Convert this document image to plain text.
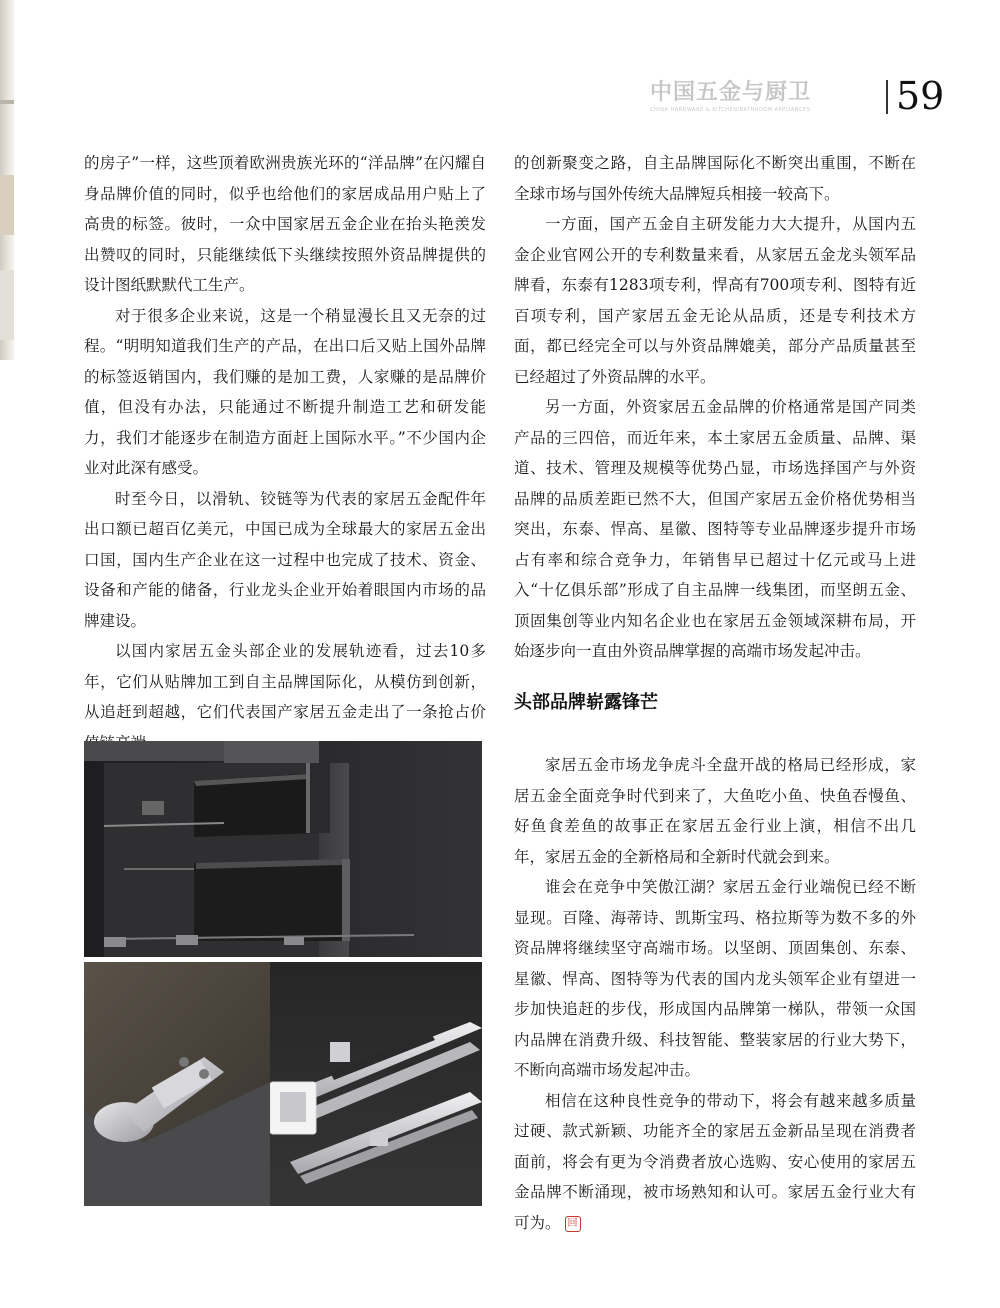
中国五金与厨卫
CHINA HARDWARE & KITCHEN/BATHROOM APPLIANCES	59

的房子”一样，这些顶着欧洲贵族光环的“洋品牌”在闪耀自身品牌价值的同时，似乎也给他们的家居成品用户贴上了高贵的标签。彼时，一众中国家居五金企业在抬头艳羡发出赞叹的同时，只能继续低下头继续按照外资品牌提供的设计图纸默默代工生产。

对于很多企业来说，这是一个稍显漫长且又无奈的过程。“明明知道我们生产的产品，在出口后又贴上国外品牌的标签返销国内，我们赚的是加工费，人家赚的是品牌价值，但没有办法，只能通过不断提升制造工艺和研发能力，我们才能逐步在制造方面赶上国际水平。”不少国内企业对此深有感受。

时至今日，以滑轨、铰链等为代表的家居五金配件年出口额已超百亿美元，中国已成为全球最大的家居五金出口国，国内生产企业在这一过程中也完成了技术、资金、设备和产能的储备，行业龙头企业开始着眼国内市场的品牌建设。

以国内家居五金头部企业的发展轨迹看，过去10多年，它们从贴牌加工到自主品牌国际化，从模仿到创新，从追赶到超越，它们代表国产家居五金走出了一条抢占价

的创新聚变之路，自主品牌国际化不断突出重围，不断在全球市场与国外传统大品牌短兵相接一较高下。

一方面，国产五金自主研发能力大大提升，从国内五金企业官网公开的专利数量来看，从家居五金龙头领军品牌看，东泰有1283项专利，悍高有700项专利、图特有近百项专利，国产家居五金无论从品质，还是专利技术方面，都已经完全可以与外资品牌媲美，部分产品质量甚至已经超过了外资品牌的水平。

另一方面，外资家居五金品牌的价格通常是国产同类产品的三四倍，而近年来，本土家居五金质量、品牌、渠道、技术、管理及规模等优势凸显，市场选择国产与外资品牌的品质差距已然不大，但国产家居五金价格优势相当突出，东泰、悍高、星徽、图特等专业品牌逐步提升市场占有率和综合竞争力，年销售早已超过十亿元或马上进入“十亿俱乐部”形成了自主品牌一线集团，而坚朗五金、顶固集创等业内知名企业也在家居五金领域深耕布局，开始逐步向一直由外资品牌掌握的高端市场发起冲击。

头部品牌崭露锋芒

家居五金市场龙争虎斗全盘开战的格局已经形成，家居五金全面竞争时代到来了，大鱼吃小鱼、快鱼吞慢鱼、好鱼食差鱼的故事正在家居五金行业上演，相信不出几年，家居五金的全新格局和全新时代就会到来。

谁会在竞争中笑傲江湖？家居五金行业端倪已经不断显现。百隆、海蒂诗、凯斯宝玛、格拉斯等为数不多的外资品牌将继续坚守高端市场。以坚朗、顶固集创、东泰、星徽、悍高、图特等为代表的国内龙头领军企业有望进一步加快追赶的步伐，形成国内品牌第一梯队，带领一众国内品牌在消费升级、科技智能、整装家居的行业大势下，不断向高端市场发起冲击。

相信在这种良性竞争的带动下，将会有越来越多质量过硬、款式新颖、功能齐全的家居五金新品呈现在消费者面前，将会有更为令消费者放心选购、安心使用的家居五金品牌不断涌现，被市场熟知和认可。家居五金行业大有可为。 回
